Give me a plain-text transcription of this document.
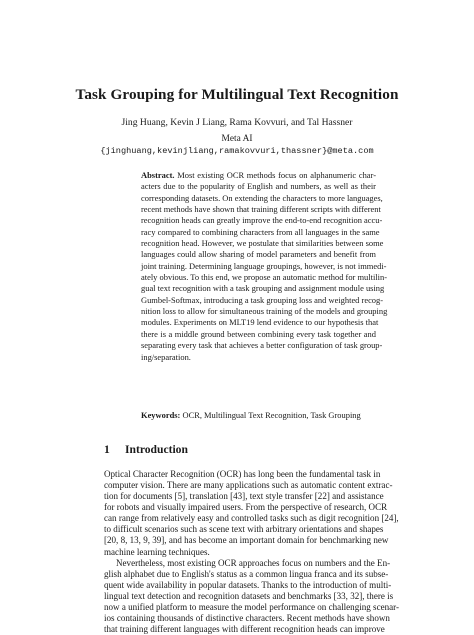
Task Grouping for Multilingual Text Recognition
Jing Huang, Kevin J Liang, Rama Kovvuri, and Tal Hassner
Meta AI
{jinghuang,kevinjliang,ramakovvuri,thassner}@meta.com
Abstract. Most existing OCR methods focus on alphanumeric char-
acters due to the popularity of English and numbers, as well as their
corresponding datasets. On extending the characters to more languages,
recent methods have shown that training different scripts with different
recognition heads can greatly improve the end-to-end recognition accu-
racy compared to combining characters from all languages in the same
recognition head. However, we postulate that similarities between some
languages could allow sharing of model parameters and benefit from
joint training. Determining language groupings, however, is not immedi-
ately obvious. To this end, we propose an automatic method for multilin-
gual text recognition with a task grouping and assignment module using
Gumbel-Softmax, introducing a task grouping loss and weighted recog-
nition loss to allow for simultaneous training of the models and grouping
modules. Experiments on MLT19 lend evidence to our hypothesis that
there is a middle ground between combining every task together and
separating every task that achieves a better configuration of task group-
ing/separation.
Keywords: OCR, Multilingual Text Recognition, Task Grouping
1 Introduction
Optical Character Recognition (OCR) has long been the fundamental task in
computer vision. There are many applications such as automatic content extrac-
tion for documents [5], translation [43], text style transfer [22] and assistance
for robots and visually impaired users. From the perspective of research, OCR
can range from relatively easy and controlled tasks such as digit recognition [24],
to difficult scenarios such as scene text with arbitrary orientations and shapes
[20, 8, 13, 9, 39], and has become an important domain for benchmarking new
machine learning techniques.
Nevertheless, most existing OCR approaches focus on numbers and the En-
glish alphabet due to English's status as a common lingua franca and its subse-
quent wide availability in popular datasets. Thanks to the introduction of multi-
lingual text detection and recognition datasets and benchmarks [33, 32], there is
now a unified platform to measure the model performance on challenging scenar-
ios containing thousands of distinctive characters. Recent methods have shown
that training different languages with different recognition heads can improve
